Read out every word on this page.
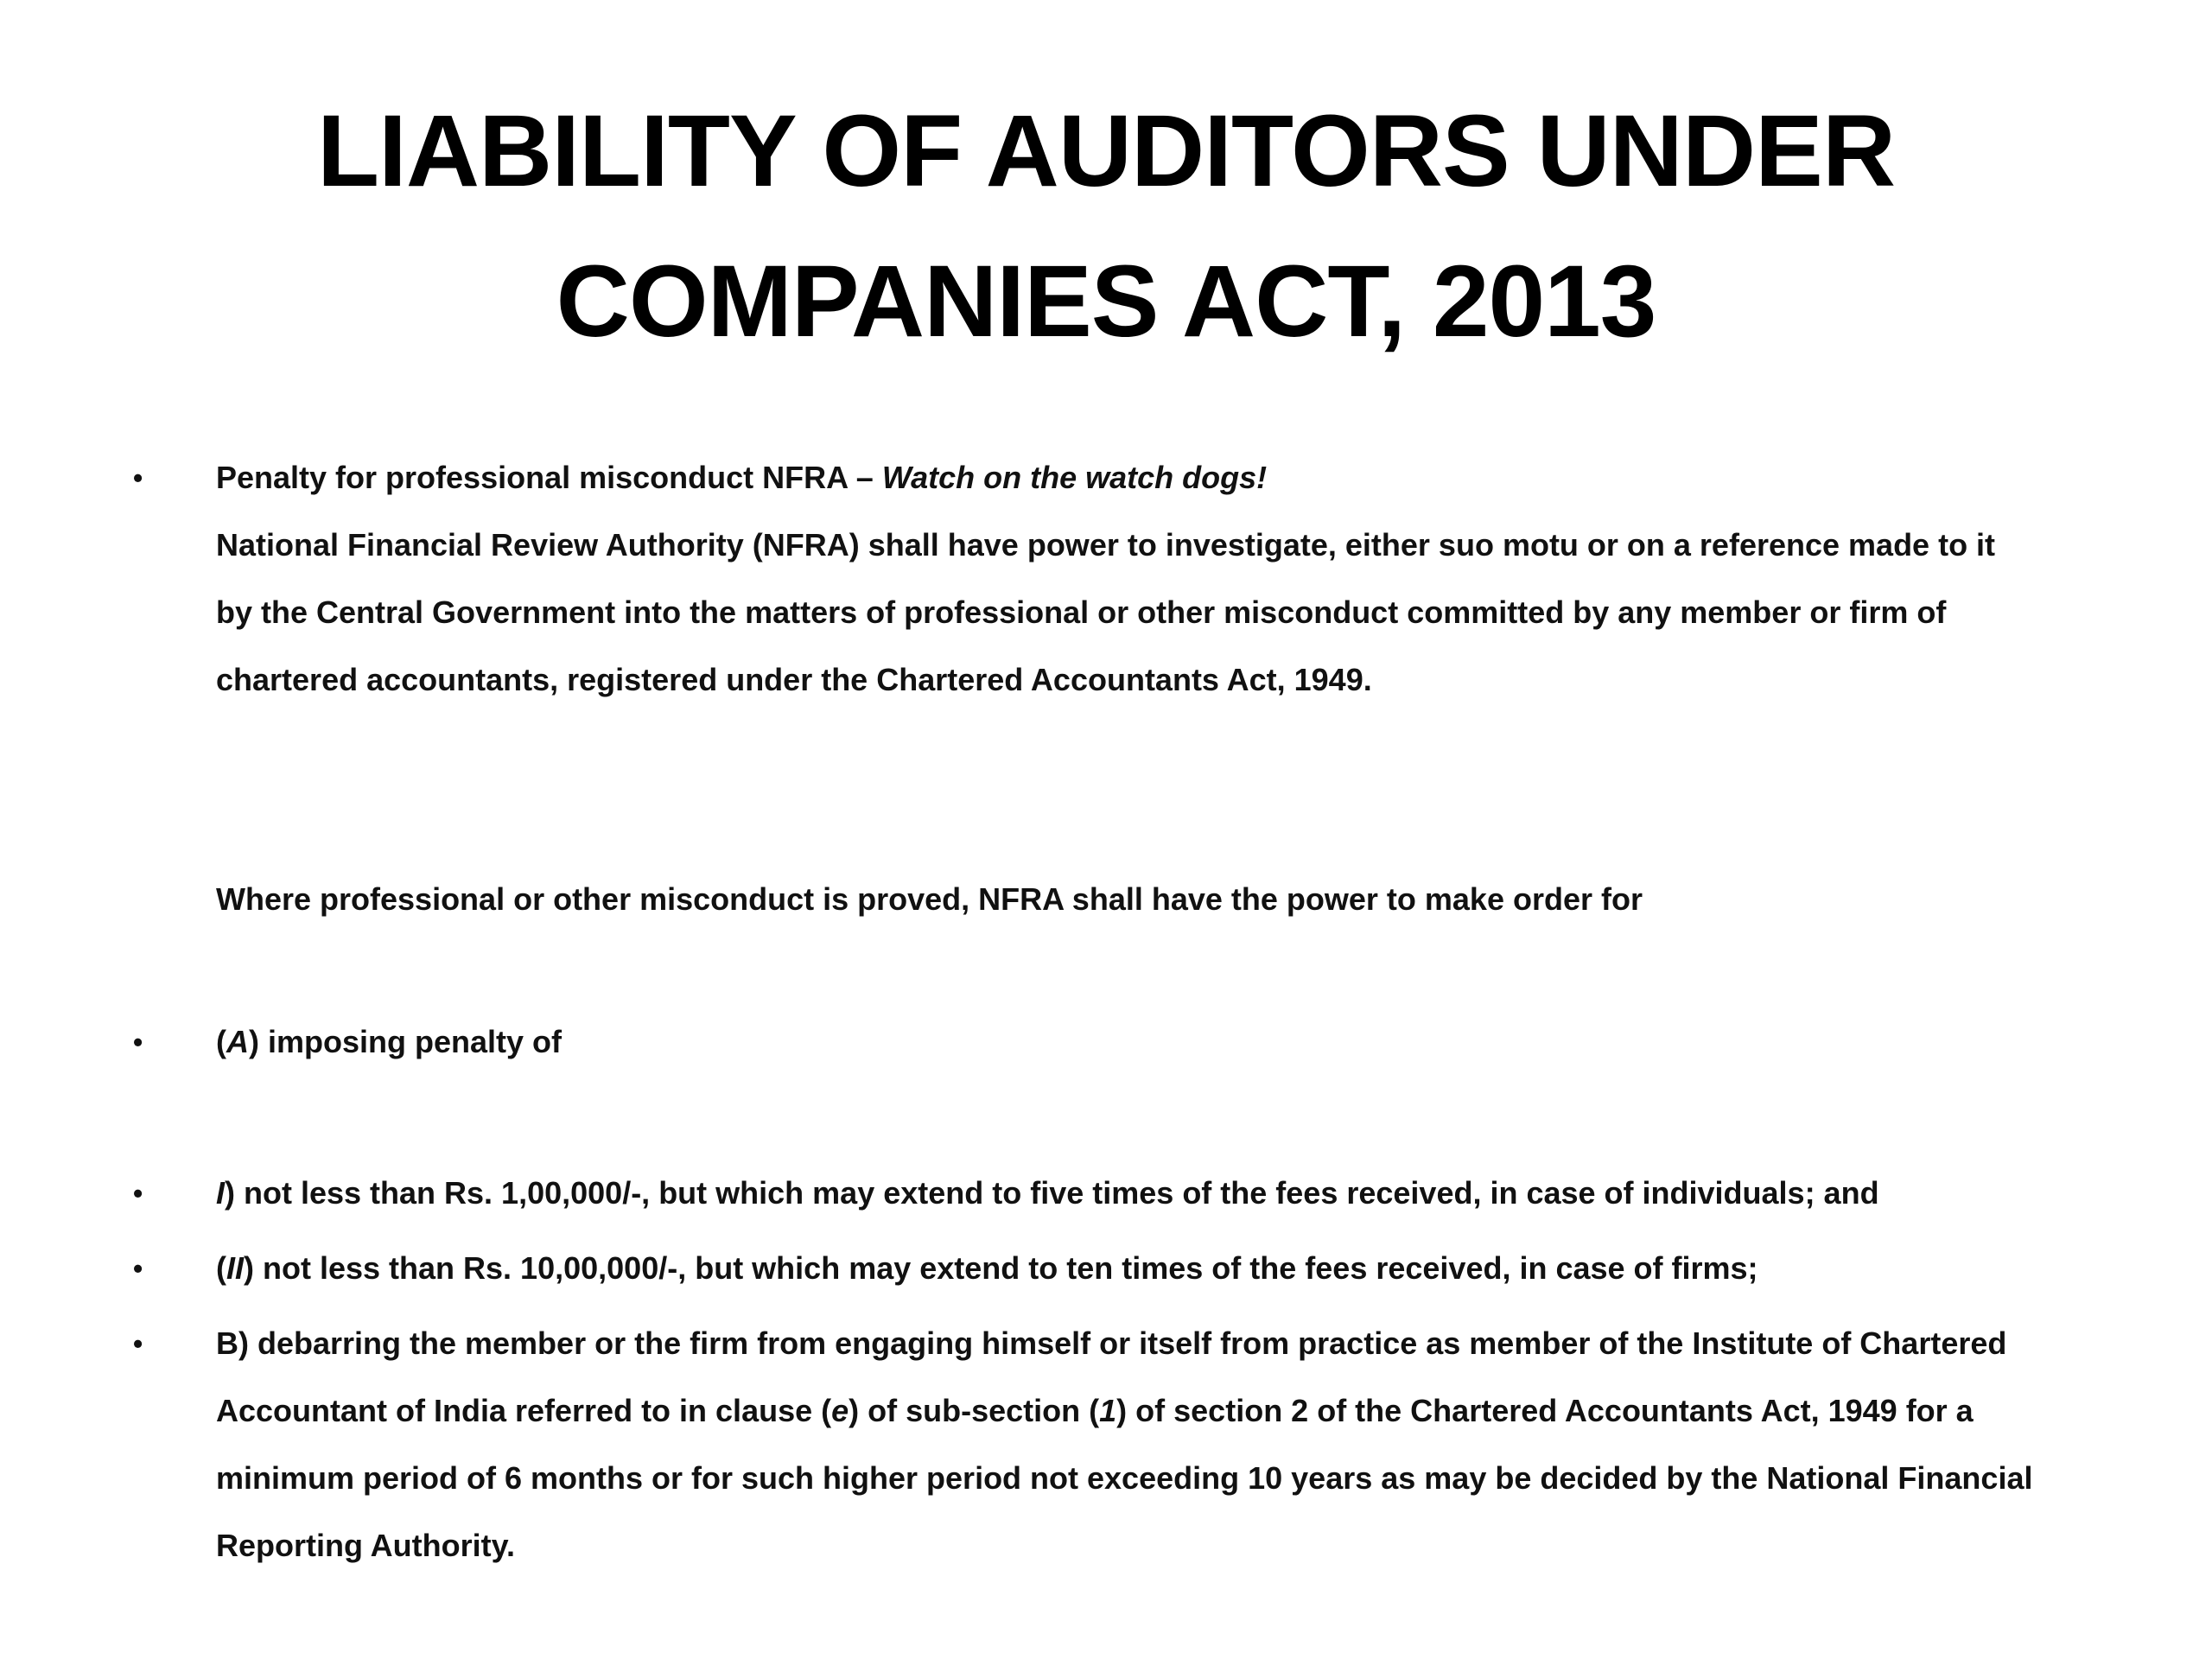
LIABILITY OF AUDITORS UNDER
COMPANIES ACT, 2013
• Penalty for professional misconduct NFRA – Watch on the watch dogs!
National Financial Review Authority (NFRA) shall have power to investigate, either suo motu or on a reference made to it
by the Central Government into the matters of professional or other misconduct committed by any member or firm of
chartered accountants, registered under the Chartered Accountants Act, 1949.
Where professional or other misconduct is proved, NFRA shall have the power to make order for
• (A) imposing penalty of
• I) not less than Rs. 1,00,000/-, but which may extend to five times of the fees received, in case of individuals; and
• (II) not less than Rs. 10,00,000/-, but which may extend to ten times of the fees received, in case of firms;
• B) debarring the member or the firm from engaging himself or itself from practice as member of the Institute of Chartered
Accountant of India referred to in clause (e) of sub-section (1) of section 2 of the Chartered Accountants Act, 1949 for a
minimum period of 6 months or for such higher period not exceeding 10 years as may be decided by the National Financial
Reporting Authority.
